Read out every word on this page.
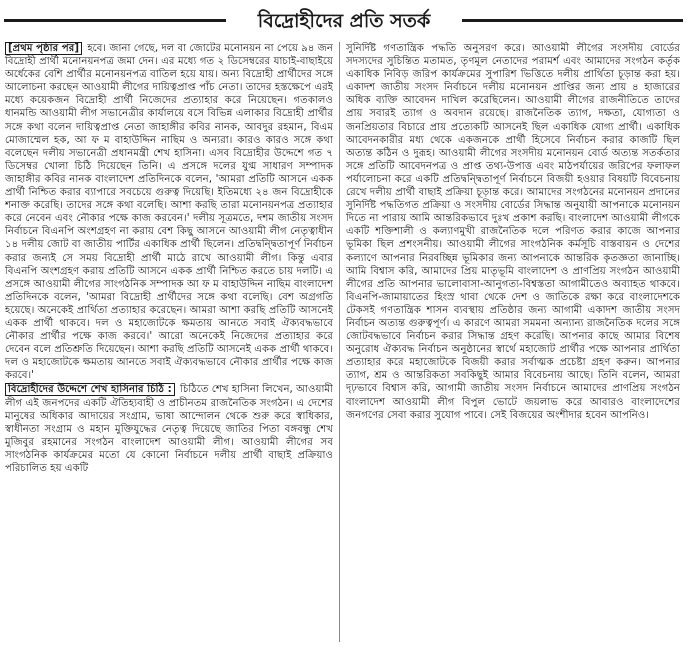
বিদ্রোহীদের প্রতি সতর্ক

[প্রথম পৃষ্ঠার পর] হবে। জানা গেছে, দল বা জোটের মনোনয়ন না পেয়ে ৯৪ জন বিদ্রোহী প্রার্থী মনোনয়নপত্র জমা দেন। এর মধ্যে গত ২ ডিসেম্বরের যাচাই-বাছাইয়ে অর্ধেকের বেশি প্রার্থীর মনোনয়নপত্র বাতিল হয়ে যায়। অন্য বিদ্রোহী প্রার্থীদের সঙ্গে আলোচনা করছেন আওয়ামী লীগের দায়িত্বপ্রাপ্ত পাঁচ নেতা। তাদের হস্তক্ষেপে এরই মধ্যে কয়েকজন বিদ্রোহী প্রার্থী নিজেদের প্রত্যাহার করে নিয়েছেন। গতকালও ধানমন্ডি আওয়ামী লীগ সভানেত্রীর কার্যালয়ে বসে বিভিন্ন এলাকার বিদ্রোহী প্রার্থীর সঙ্গে কথা বলেন দায়িত্বপ্রাপ্ত নেতা জাহাঙ্গীর কবির নানক, আবদুর রহমান, বিএম মোজাম্মেল হক, আ ফ ম বাহাউদ্দিন নাছিম ও অন্যরা। কারও কারও সঙ্গে কথা বলেছেন দলীয় সভানেত্রী প্রধানমন্ত্রী শেখ হাসিনা। এসব বিদ্রোহীর উদ্দেশে গত ৭ ডিসেম্বর খোলা চিঠি দিয়েছেন তিনি। এ প্রসঙ্গে দলের যুগ্ম সাধারণ সম্পাদক জাহাঙ্গীর কবির নানক বাংলাদেশ প্রতিদিনকে বলেন, 'আমরা প্রতিটি আসনে একক প্রার্থী নিশ্চিত করার ব্যাপারে সবচেয়ে গুরুত্ব দিয়েছি। ইতিমধ্যে ২৪ জন বিদ্রোহীকে শনাক্ত করেছি। তাদের সঙ্গে কথা বলেছি। আশা করছি তারা মনোনয়নপত্র প্রত্যাহার করে নেবেন এবং নৌকার পক্ষে কাজ করবেন।' দলীয় সূত্রমতে, দশম জাতীয় সংসদ নির্বাচনে বিএনপি অংশগ্রহণ না করায় বেশ কিছু আসনে আওয়ামী লীগ নেতৃত্বাধীন ১৪ দলীয় জোট বা জাতীয় পার্টির একাধিক প্রার্থী ছিলেন। প্রতিদ্বন্দ্বিতাপূর্ণ নির্বাচন করার জন্যই সে সময় বিদ্রোহী প্রার্থী মাঠে রাখে আওয়ামী লীগ। কিন্তু এবার বিএনপি অংশগ্রহণ করায় প্রতিটি আসনে একক প্রার্থী নিশ্চিত করতে চায় দলটি। এ প্রসঙ্গে আওয়ামী লীগের সাংগঠনিক সম্পাদক আ ফ ম বাহাউদ্দিন নাছিম বাংলাদেশ প্রতিদিনকে বলেন, 'আমরা বিদ্রোহী প্রার্থীদের সঙ্গে কথা বলেছি। বেশ অগ্রগতি হয়েছে। অনেকেই প্রার্থিতা প্রত্যাহার করেছেন। আমরা আশা করছি প্রতিটি আসনেই একক প্রার্থী থাকবে। দল ও মহাজোটকে ক্ষমতায় আনতে সবাই ঐক্যবদ্ধভাবে নৌকার প্রার্থীর পক্ষে কাজ করবে।' আরো অনেকেই নিজেদের প্রত্যাহার করে দেবেন বলে প্রতিশ্রুতি দিয়েছেন। আশা করছি প্রতিটি আসনেই একক প্রার্থী থাকবে। দল ও মহাজোটকে ক্ষমতায় আনতে সবাই ঐক্যবদ্ধভাবে নৌকার প্রার্থীর পক্ষে কাজ করবে।'

বিদ্রোহীদের উদ্দেশে শেখ হাসিনার চিঠি : চিঠিতে শেখ হাসিনা লিখেন, আওয়ামী লীগ এই জনপদের একটি ঐতিহ্যবাহী ও প্রাচীনতম রাজনৈতিক সংগঠন। এ দেশের মানুষের অধিকার আদায়ের সংগ্রাম, ভাষা আন্দোলন থেকে শুরু করে স্বাধিকার, স্বাধীনতা সংগ্রাম ও মহান মুক্তিযুদ্ধের নেতৃত্ব দিয়েছে জাতির পিতা বঙ্গবন্ধু শেখ মুজিবুর রহমানের সংগঠন বাংলাদেশ আওয়ামী লীগ। আওয়ামী লীগের সব সাংগঠনিক কার্যক্রমের মতো যে কোনো নির্বাচনে দলীয় প্রার্থী বাছাই প্রক্রিয়াও পরিচালিত হয় একটি

সুনির্দিষ্ট গণতান্ত্রিক পদ্ধতি অনুসরণ করে। আওয়ামী লীগের সংসদীয় বোর্ডের সদস্যদের সুচিন্তিত মতামত, তৃণমূল নেতাদের পরামর্শ এবং আমাদের সংগঠন কর্তৃক একাধিক নিবিড় জরিপ কার্যক্রমের সুপারিশ ভিত্তিতে দলীয় প্রার্থিতা চূড়ান্ত করা হয়। একাদশ জাতীয় সংসদ নির্বাচনে দলীয় মনোনয়ন প্রাপ্তির জন্য প্রায় ৪ হাজারের অধিক ব্যক্তি আবেদন দাখিল করেছিলেন। আওয়ামী লীগের রাজনীতিতে তাদের প্রায় সবারই ত্যাগ ও অবদান রয়েছে। রাজনৈতিক ত্যাগ, দক্ষতা, যোগ্যতা ও জনপ্রিয়তার বিচারে প্রায় প্রত্যেকটি আসনেই ছিল একাধিক যোগ্য প্রার্থী। একাধিক আবেদনকারীর মধ্য থেকে একজনকে প্রার্থী হিসেবে নির্বাচন করার কাজটি ছিল অত্যন্ত কঠিন ও দুরূহ। আওয়ামী লীগের সংসদীয় মনোনয়ন বোর্ড অত্যন্ত সতর্কতার সঙ্গে প্রতিটি আবেদনপত্র ও প্রাপ্ত তথ্য-উপাত্ত এবং মাঠপর্যায়ের জরিপের ফলাফল পর্যালোচনা করে একটি প্রতিদ্বন্দ্বিতাপূর্ণ নির্বাচনে বিজয়ী হওয়ার বিষয়টি বিবেচনায় রেখে দলীয় প্রার্থী বাছাই প্রক্রিয়া চূড়ান্ত করে। আমাদের সংগঠনের মনোনয়ন প্রদানের সুনির্দিষ্ট পদ্ধতিগত প্রক্রিয়া ও সংসদীয় বোর্ডের সিদ্ধান্ত অনুযায়ী আপনাকে মনোনয়ন দিতে না পারায় আমি আন্তরিকভাবে দুঃখ প্রকাশ করছি। বাংলাদেশ আওয়ামী লীগকে একটি শক্তিশালী ও কল্যাণমুখী রাজনৈতিক দলে পরিণত করার কাজে আপনার ভূমিকা ছিল প্রশংসনীয়। আওয়ামী লীগের সাংগঠনিক কর্মসূচি বাস্তবায়ন ও দেশের কল্যাণে আপনার নিরবচ্ছিন্ন ভূমিকার জন্য আপনাকে আন্তরিক কৃতজ্ঞতা জানাচ্ছি। আমি বিশ্বাস করি, আমাদের প্রিয় মাতৃভূমি বাংলাদেশ ও প্রাণপ্রিয় সংগঠন আওয়ামী লীগের প্রতি আপনার ভালোবাসা-আনুগত্য-বিশ্বস্ততা আগামীতেও অব্যাহত থাকবে। বিএনপি-জামায়াতের হিংস্র থাবা থেকে দেশ ও জাতিকে রক্ষা করে বাংলাদেশকে টেকসই গণতান্ত্রিক শাসন ব্যবস্থায় প্রতিষ্ঠার জন্য আগামী একাদশ জাতীয় সংসদ নির্বাচন অত্যন্ত গুরুত্বপূর্ণ। এ কারণে আমরা সমমনা অন্যান্য রাজনৈতিক দলের সঙ্গে জোটবদ্ধভাবে নির্বাচন করার সিদ্ধান্ত গ্রহণ করেছি। আপনার কাছে আমার বিশেষ অনুরোধ ঐক্যবদ্ধ নির্বাচন অনুষ্ঠানের স্বার্থে মহাজোট প্রার্থীর পক্ষে আপনার প্রার্থিতা প্রত্যাহার করে মহাজোটকে বিজয়ী করার সর্বাত্মক প্রচেষ্টা গ্রহণ করুন। আপনার ত্যাগ, শ্রম ও আন্তরিকতা সবকিছুই আমার বিবেচনায় আছে। তিনি বলেন, আমরা দৃঢ়ভাবে বিশ্বাস করি, আগামী জাতীয় সংসদ নির্বাচনে আমাদের প্রাণপ্রিয় সংগঠন বাংলাদেশ আওয়ামী লীগ বিপুল ভোটে জয়লাভ করে আবারও বাংলাদেশের জনগণের সেবা করার সুযোগ পাবে। সেই বিজয়ের অংশীদার হবেন আপনিও।
